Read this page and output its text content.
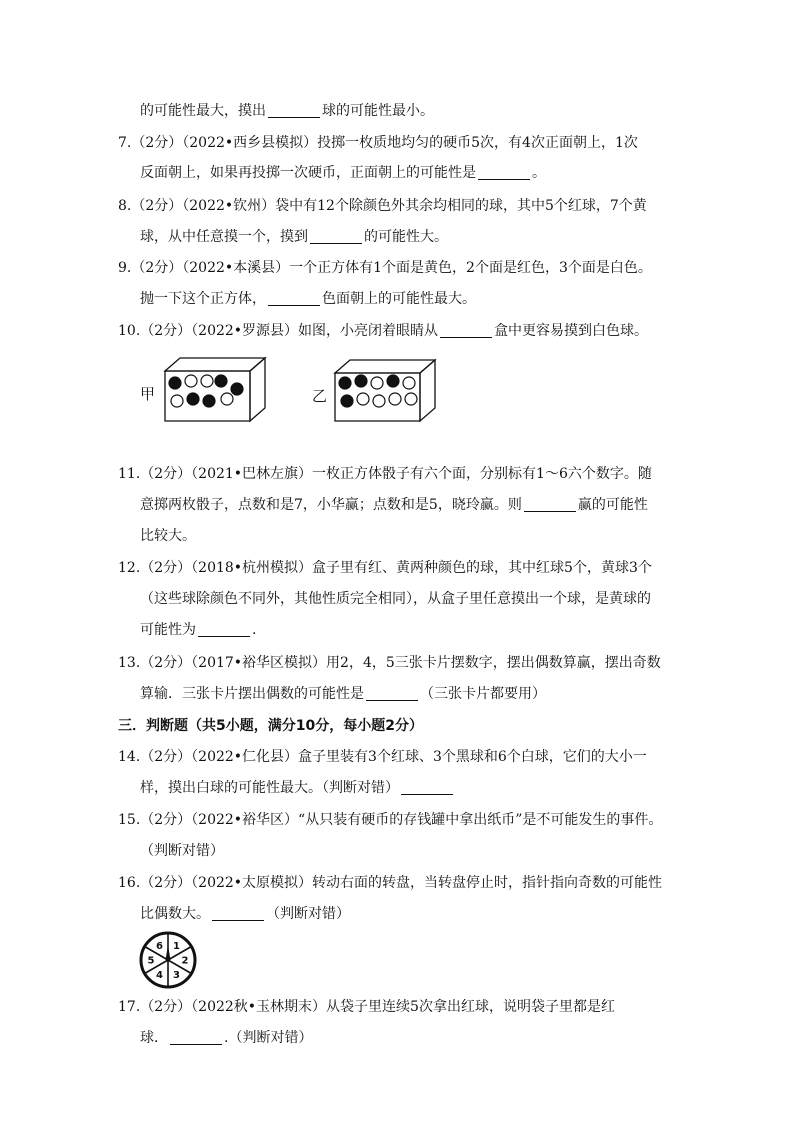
的可能性最大，摸出	球的可能性最小。
7.（2分）（2022•西乡县模拟）投掷一枚质地均匀的硬币5次，有4次正面朝上，1次
反面朝上，如果再投掷一次硬币，正面朝上的可能性是	。
8.（2分）（2022•钦州）袋中有12个除颜色外其余均相同的球，其中5个红球，7个黄
球，从中任意摸一个，摸到	的可能性大。
9.（2分）（2022•本溪县）一个正方体有1个面是黄色，2个面是红色，3个面是白色。
抛一下这个正方体，	色面朝上的可能性最大。
10.（2分）（2022•罗源县）如图，小亮闭着眼睛从	盒中更容易摸到白色球。
甲	乙
11.（2分）（2021•巴林左旗）一枚正方体骰子有六个面，分别标有1～6六个数字。随
意掷两枚骰子，点数和是7，小华赢；点数和是5，晓玲赢。则	赢的可能性
比较大。
12.（2分）（2018•杭州模拟）盒子里有红、黄两种颜色的球，其中红球5个，黄球3个
（这些球除颜色不同外，其他性质完全相同），从盒子里任意摸出一个球，是黄球的
可能性为	.
13.（2分）（2017•裕华区模拟）用2，4，5三张卡片摆数字，摆出偶数算赢，摆出奇数
算输．三张卡片摆出偶数的可能性是	（三张卡片都要用）
三．判断题（共5小题，满分10分，每小题2分）
14.（2分）（2022•仁化县）盒子里装有3个红球、3个黑球和6个白球，它们的大小一
样，摸出白球的可能性最大。（判断对错）
15.（2分）（2022•裕华区）“从只装有硬币的存钱罐中拿出纸币”是不可能发生的事件。
（判断对错）
16.（2分）（2022•太原模拟）转动右面的转盘，当转盘停止时，指针指向奇数的可能性
比偶数大。	（判断对错）
1
2
3
4
5
6
17.（2分）（2022秋•玉林期末）从袋子里连续5次拿出红球，说明袋子里都是红
球．	.（判断对错）
